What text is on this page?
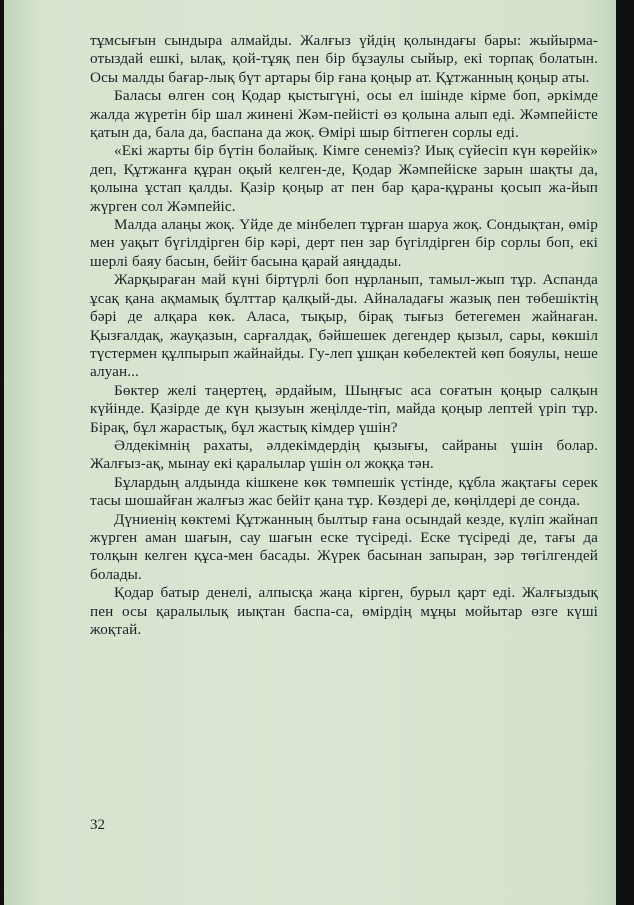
тұмсығын сындыра алмайды. Жалғыз үйдің қолындағы бары: жыйырма-отыздай ешкі, ылақ, қой-тұяқ пен бір бұзаулы сыйыр, екі торпақ болатын. Осы малды бағар-лық бүт артары бір ғана қоңыр ат. Құтжанның қоңыр аты.

Баласы өлген соң Қодар қыстыгүні, осы ел ішінде кірме боп, әркімде жалда жүретін бір шал жинені Жәм-пейісті өз қолына алып еді. Жәмпейісте қатын да, бала да, баспана да жоқ. Өмірі шыр бітпеген сорлы еді.

«Екі жарты бір бүтін болайық. Кімге сенеміз? Иық сүйесіп күн көрейік» деп, Құтжанға құран оқый келген-де, Қодар Жәмпейіске зарын шақты да, қолына ұстап қалды. Қазір қоңыр ат пен бар қара-құраны қосып жа-йып жүрген сол Жәмпейіс.

Малда алаңы жоқ. Үйде де мінбелеп тұрған шаруа жоқ. Сондықтан, өмір мен уақыт бүгілдірген бір кәрі, дерт пен зар бүгілдірген бір сорлы боп, екі шерлі баяу басын, бейіт басына қарай аяңдады.

Жарқыраған май күні біртүрлі боп нұрланып, тамыл-жып тұр. Аспанда ұсақ қана ақмамық бұлттар қалқый-ды. Айналадағы жазық пен төбешіктің бәрі де алқара көк. Аласа, тықыр, бірақ тығыз бетегемен жайнаған. Қызғалдақ, жауқазын, сарғалдақ, бәйшешек дегендер қызыл, сары, көкшіл түстермен құлпырып жайнайды. Гу-леп ұшқан көбелектей көп бояулы, неше алуан...

Бөктер желі таңертең, әрдайым, Шыңғыс аса соғатын қоңыр салқын күйінде. Қазірде де күн қызуын жеңілде-тіп, майда қоңыр лептей үріп тұр. Бірақ, бұл жарастық, бұл жастық кімдер үшін?

Әлдекімнің рахаты, әлдекімдердің қызығы, сайраны үшін болар. Жалғыз-ақ, мынау екі қаралылар үшін ол жоққа тән.

Бұлардың алдында кішкене көк төмпешік үстінде, құбла жақтағы серек тасы шошайған жалғыз жас бейіт қана тұр. Көздері де, көңілдері де сонда.

Дүниенің көктемі Құтжанның былтыр ғана осындай кезде, күліп жайнап жүрген аман шағын, сау шағын еске түсіреді. Еске түсіреді де, тағы да толқын келген құса-мен басады. Жүрек басынан запыран, зәр төгілгендей болады.

Қодар батыр денелі, алпысқа жаңа кірген, бурыл қарт еді. Жалғыздық пен осы қаралылық иықтан баспа-са, өмірдің мұңы мойытар өзге күші жоқтай.

32
